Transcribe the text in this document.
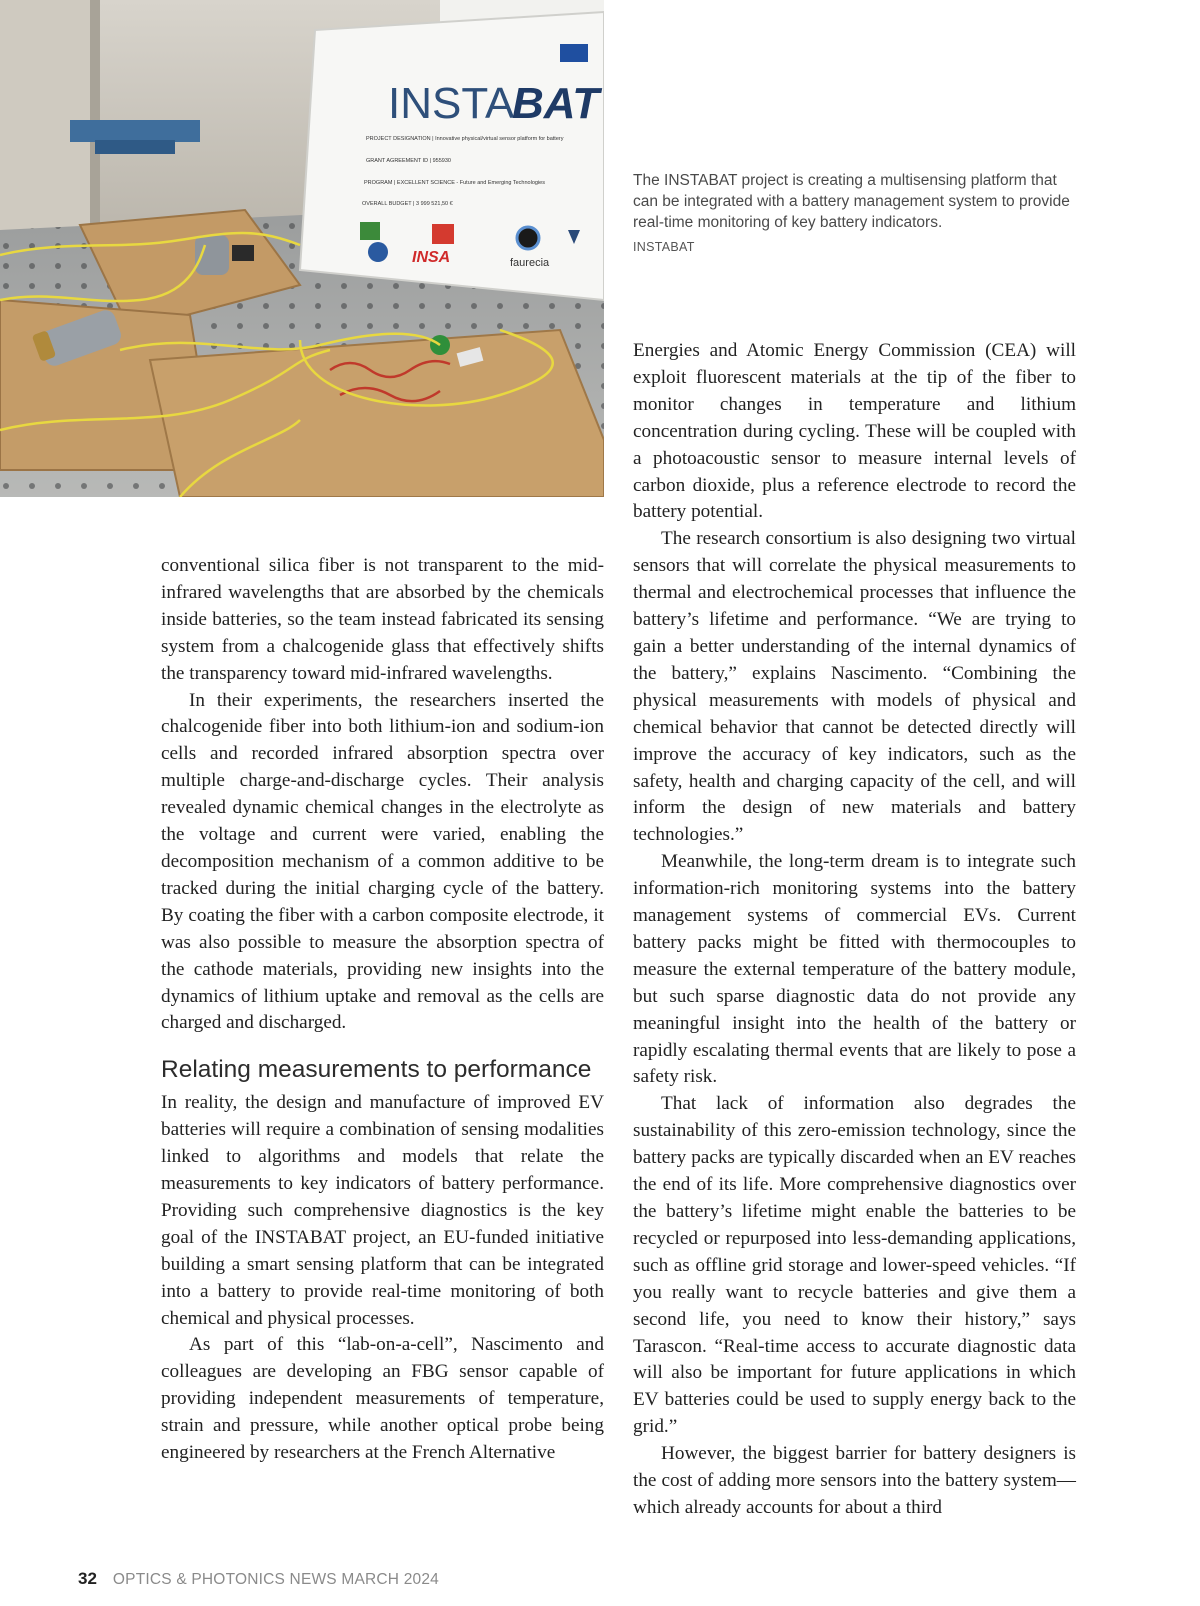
INSTA
BAT
PROJECT DESIGNATION | Innovative physical/virtual sensor platform for battery
GRANT AGREEMENT ID | 955930
PROGRAM | EXCELLENT SCIENCE - Future and Emerging Technologies
OVERALL BUDGET | 3 999 521,50 €
INSA	faurecia
The INSTABAT project is creating a multisensing platform that can be integrated with a battery management system to provide real-time monitoring of key battery indicators.
INSTABAT

conventional silica fiber is not transparent to the mid-infrared wavelengths that are absorbed by the chemicals inside batteries, so the team instead fabricated its sensing system from a chalcogenide glass that effectively shifts the transparency toward mid-infrared wavelengths.

In their experiments, the researchers inserted the chalcogenide fiber into both lithium-ion and sodium-ion cells and recorded infrared absorption spectra over multiple charge-and-discharge cycles. Their analysis revealed dynamic chemical changes in the electrolyte as the voltage and current were varied, enabling the decomposition mechanism of a common additive to be tracked during the initial charging cycle of the battery. By coating the fiber with a carbon composite electrode, it was also possible to measure the absorption spectra of the cathode materials, providing new insights into the dynamics of lithium uptake and removal as the cells are charged and discharged.

Relating measurements to performance

In reality, the design and manufacture of improved EV batteries will require a combination of sensing modalities linked to algorithms and models that relate the measurements to key indicators of battery performance. Providing such comprehensive diagnostics is the key goal of the INSTABAT project, an EU-funded initiative building a smart sensing platform that can be integrated into a battery to provide real-time monitoring of both chemical and physical processes.

As part of this “lab-on-a-cell”, Nascimento and colleagues are developing an FBG sensor capable of providing independent measurements of temperature, strain and pressure, while another optical probe being engineered by researchers at the French Alternative

Energies and Atomic Energy Commission (CEA) will exploit fluorescent materials at the tip of the fiber to monitor changes in temperature and lithium concentration during cycling. These will be coupled with a photoacoustic sensor to measure internal levels of carbon dioxide, plus a reference electrode to record the battery potential.

The research consortium is also designing two virtual sensors that will correlate the physical measurements to thermal and electrochemical processes that influence the battery’s lifetime and performance. “We are trying to gain a better understanding of the internal dynamics of the battery,” explains Nascimento. “Combining the physical measurements with models of physical and chemical behavior that cannot be detected directly will improve the accuracy of key indicators, such as the safety, health and charging capacity of the cell, and will inform the design of new materials and battery technologies.”

Meanwhile, the long-term dream is to integrate such information-rich monitoring systems into the battery management systems of commercial EVs. Current battery packs might be fitted with thermocouples to measure the external temperature of the battery module, but such sparse diagnostic data do not provide any meaningful insight into the health of the battery or rapidly escalating thermal events that are likely to pose a safety risk.

That lack of information also degrades the sustainability of this zero-emission technology, since the battery packs are typically discarded when an EV reaches the end of its life. More comprehensive diagnostics over the battery’s lifetime might enable the batteries to be recycled or repurposed into less-demanding applications, such as offline grid storage and lower-speed vehicles. “If you really want to recycle batteries and give them a second life, you need to know their history,” says Tarascon. “Real-time access to accurate diagnostic data will also be important for future applications in which EV batteries could be used to supply energy back to the grid.”

However, the biggest barrier for battery designers is the cost of adding more sensors into the battery system—which already accounts for about a third

32 OPTICS & PHOTONICS NEWS MARCH 2024
